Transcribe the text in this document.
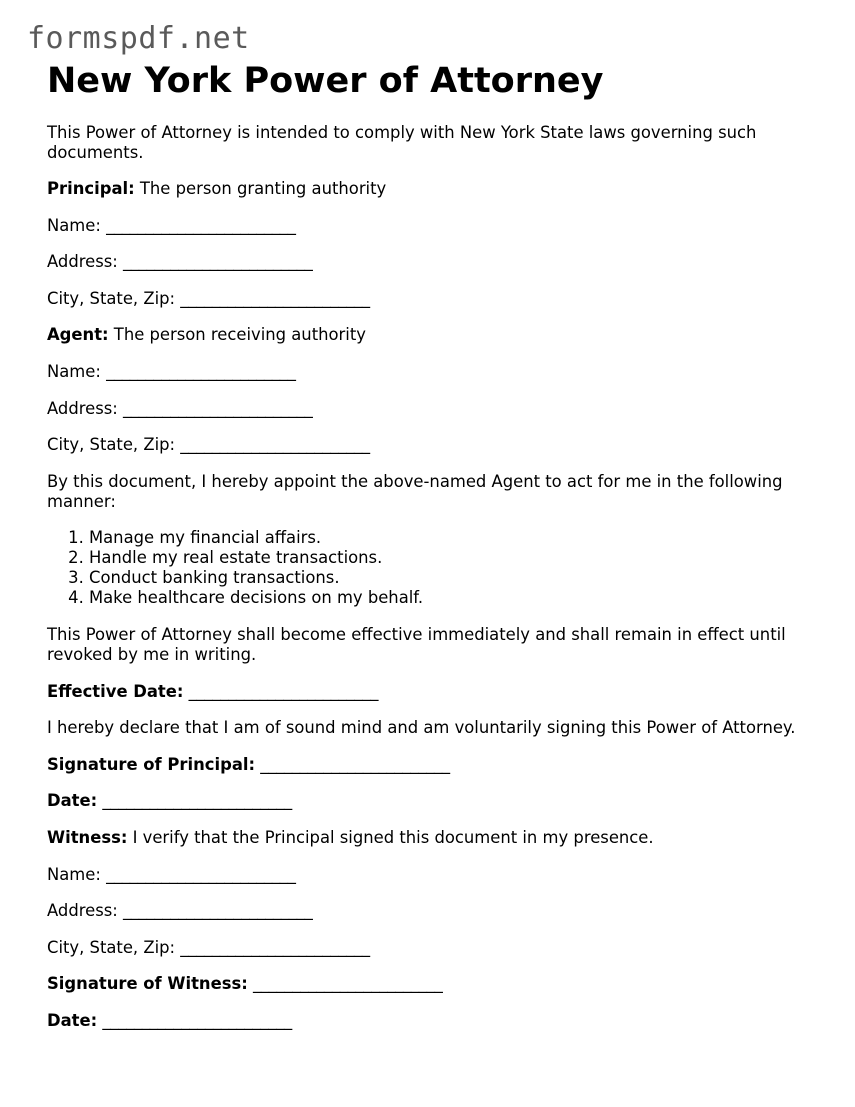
formspdf.net
New York Power of Attorney

This Power of Attorney is intended to comply with New York State laws governing such documents.

Principal: The person granting authority

Name: ________________________

Address: ________________________

City, State, Zip: ________________________

Agent: The person receiving authority

Name: ________________________

Address: ________________________

City, State, Zip: ________________________

By this document, I hereby appoint the above-named Agent to act for me in the following manner:

1. Manage my financial affairs.
2. Handle my real estate transactions.
3. Conduct banking transactions.
4. Make healthcare decisions on my behalf.

This Power of Attorney shall become effective immediately and shall remain in effect until revoked by me in writing.

Effective Date: ________________________

I hereby declare that I am of sound mind and am voluntarily signing this Power of Attorney.

Signature of Principal: ________________________

Date: ________________________

Witness: I verify that the Principal signed this document in my presence.

Name: ________________________

Address: ________________________

City, State, Zip: ________________________

Signature of Witness: ________________________

Date: ________________________
